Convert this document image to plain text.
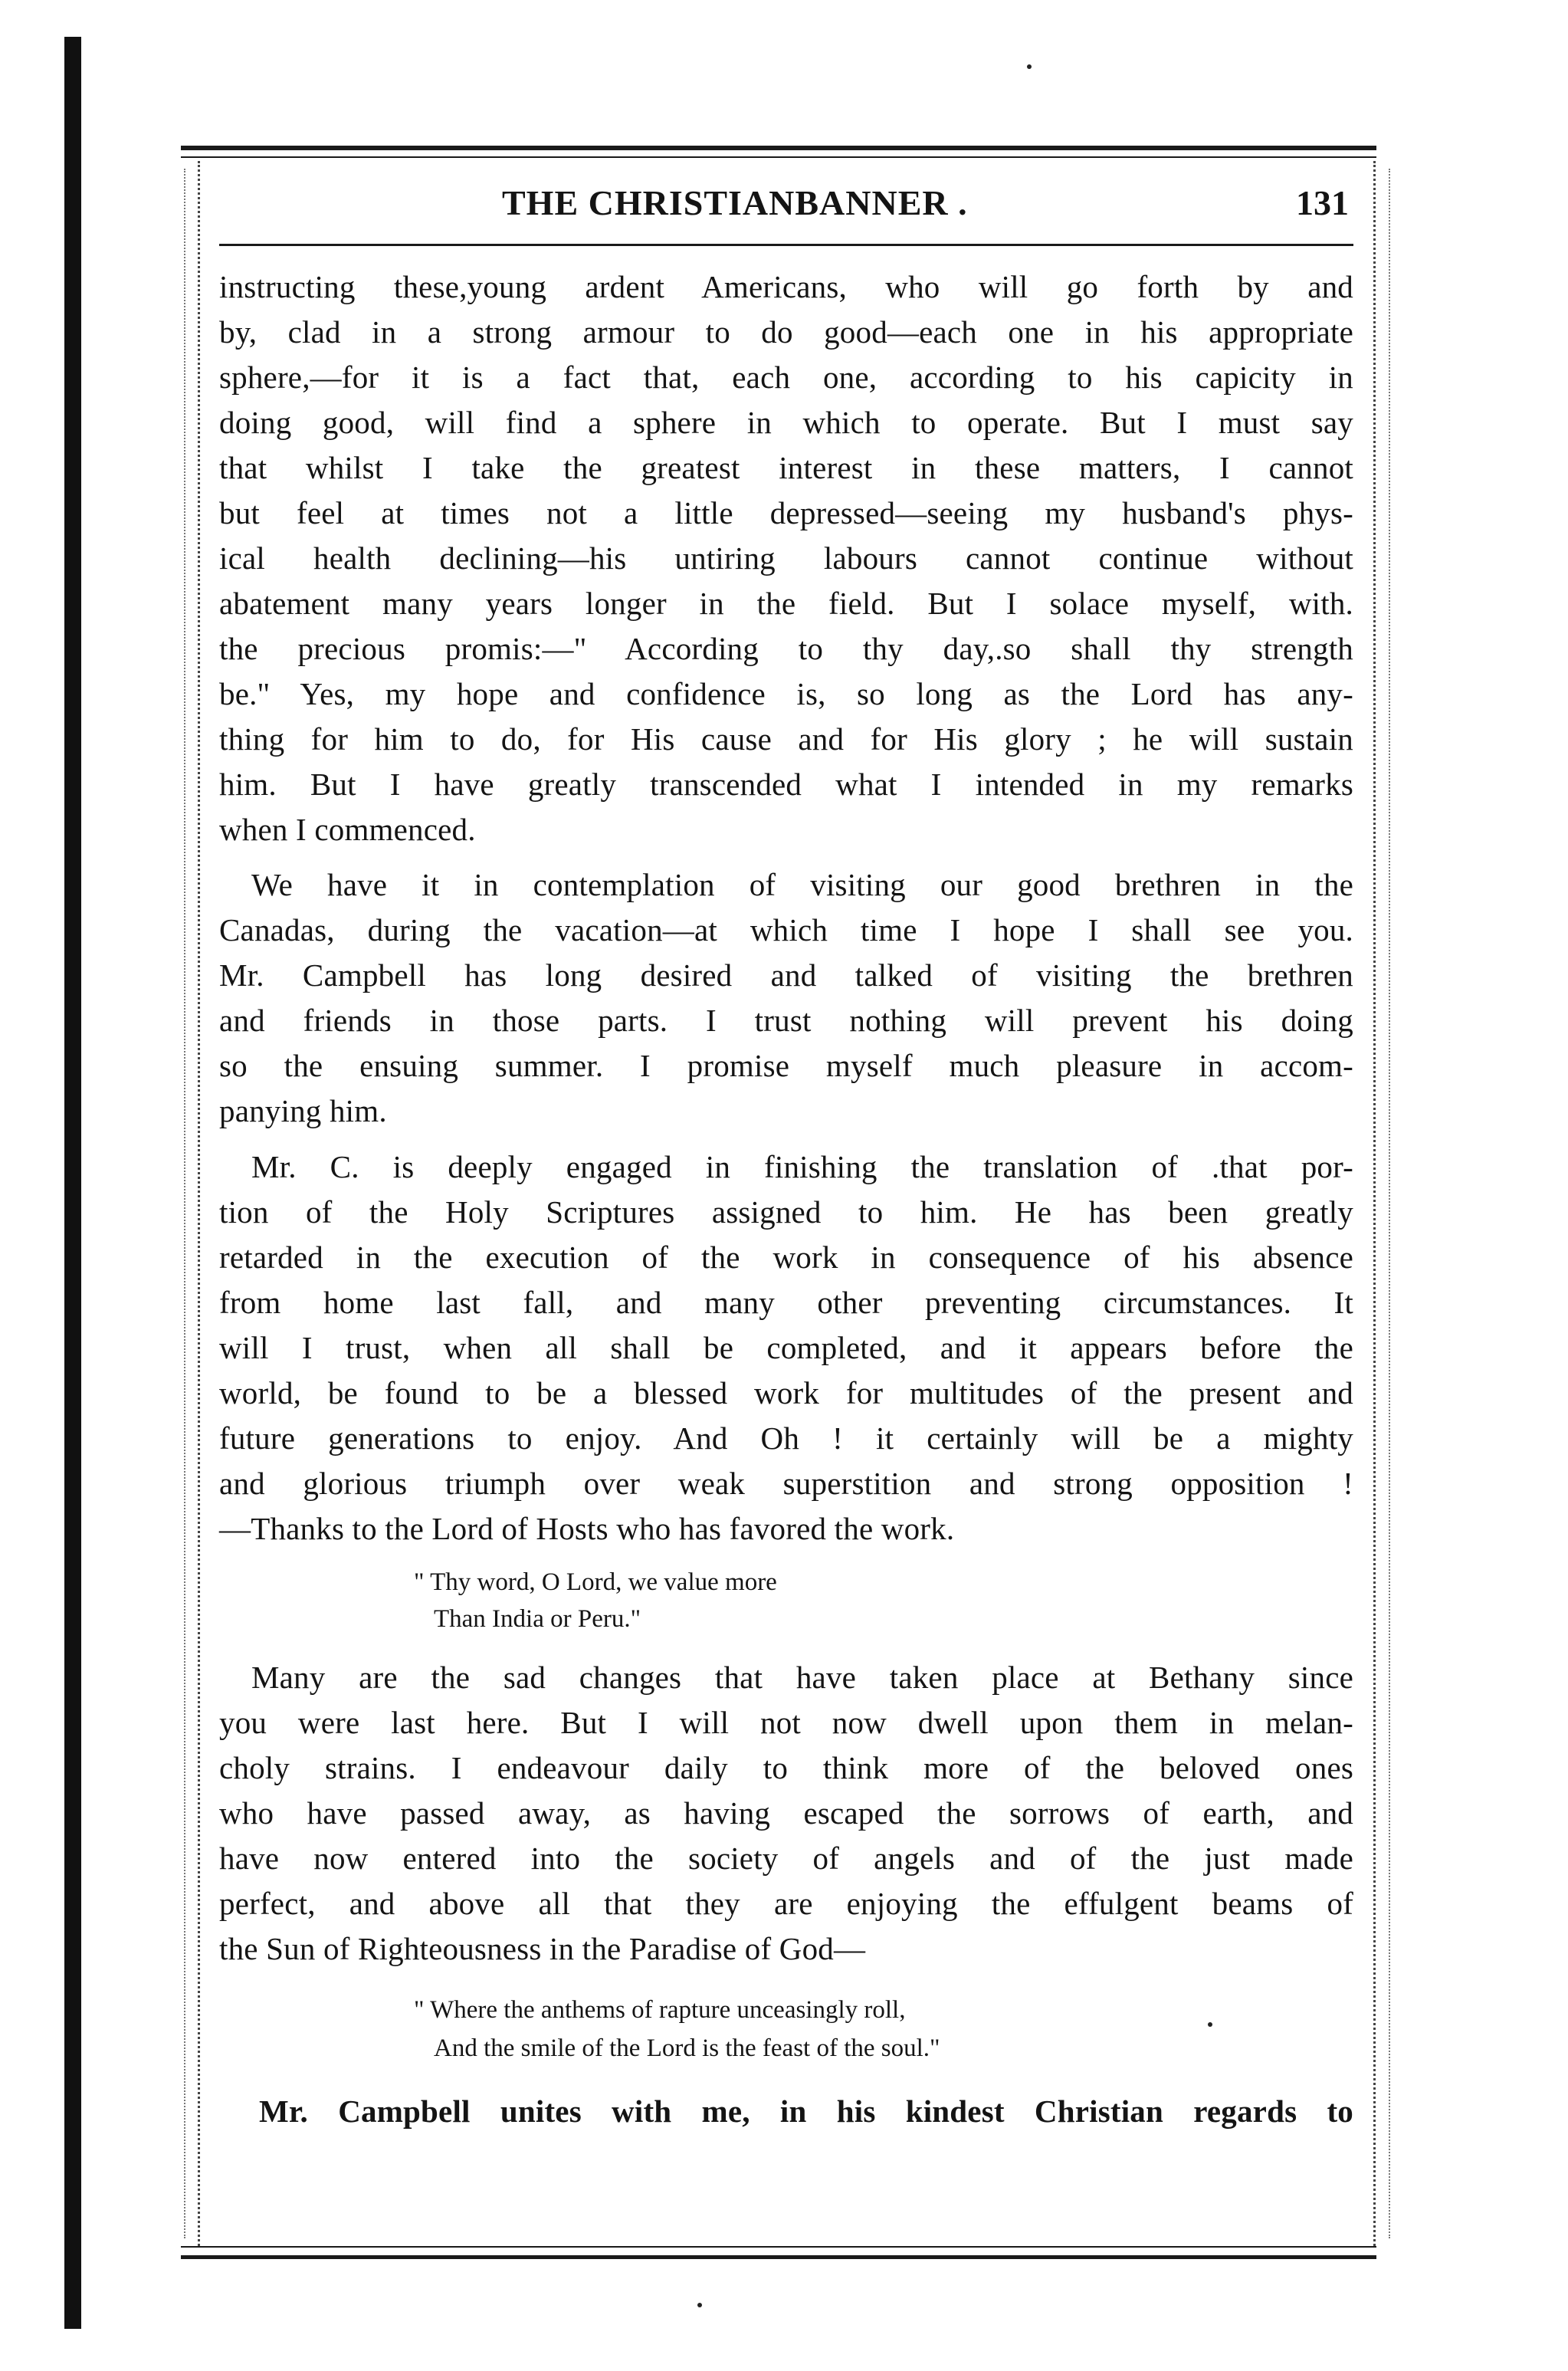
THE CHRISTIANBANNER .	131
instructing these,young ardent Americans, who will go forth by and
by, clad in a strong armour to do good—each one in his appropriate
sphere,—for it is a fact that, each one, according to his capicity in
doing good, will find a sphere in which to operate. But I must say
that whilst I take the greatest interest in these matters, I cannot
but feel at times not a little depressed—seeing my husband's phys-
ical health declining—his untiring labours cannot continue without
abatement many years longer in the field. But I solace myself, with.
the precious promis:—" According to thy day,.so shall thy strength
be." Yes, my hope and confidence is, so long as the Lord has any-
thing for him to do, for His cause and for His glory ; he will sustain
him. But I have greatly transcended what I intended in my remarks
when I commenced.
We have it in contemplation of visiting our good brethren in the
Canadas, during the vacation—at which time I hope I shall see you.
Mr. Campbell has long desired and talked of visiting the brethren
and friends in those parts. I trust nothing will prevent his doing
so the ensuing summer. I promise myself much pleasure in accom-
panying him.
Mr. C. is deeply engaged in finishing the translation of .that por-
tion of the Holy Scriptures assigned to him. He has been greatly
retarded in the execution of the work in consequence of his absence
from home last fall, and many other preventing circumstances. It
will I trust, when all shall be completed, and it appears before the
world, be found to be a blessed work for multitudes of the present and
future generations to enjoy. And Oh ! it certainly will be a mighty
and glorious triumph over weak superstition and strong opposition !
—Thanks to the Lord of Hosts who has favored the work.
" Thy word, O Lord, we value more
Than India or Peru."
Many are the sad changes that have taken place at Bethany since
you were last here. But I will not now dwell upon them in melan-
choly strains. I endeavour daily to think more of the beloved ones
who have passed away, as having escaped the sorrows of earth, and
have now entered into the society of angels and of the just made
perfect, and above all that they are enjoying the effulgent beams of
the Sun of Righteousness in the Paradise of God—
" Where the anthems of rapture unceasingly roll,
And the smile of the Lord is the feast of the soul."
Mr. Campbell unites with me, in his kindest Christian regards to
